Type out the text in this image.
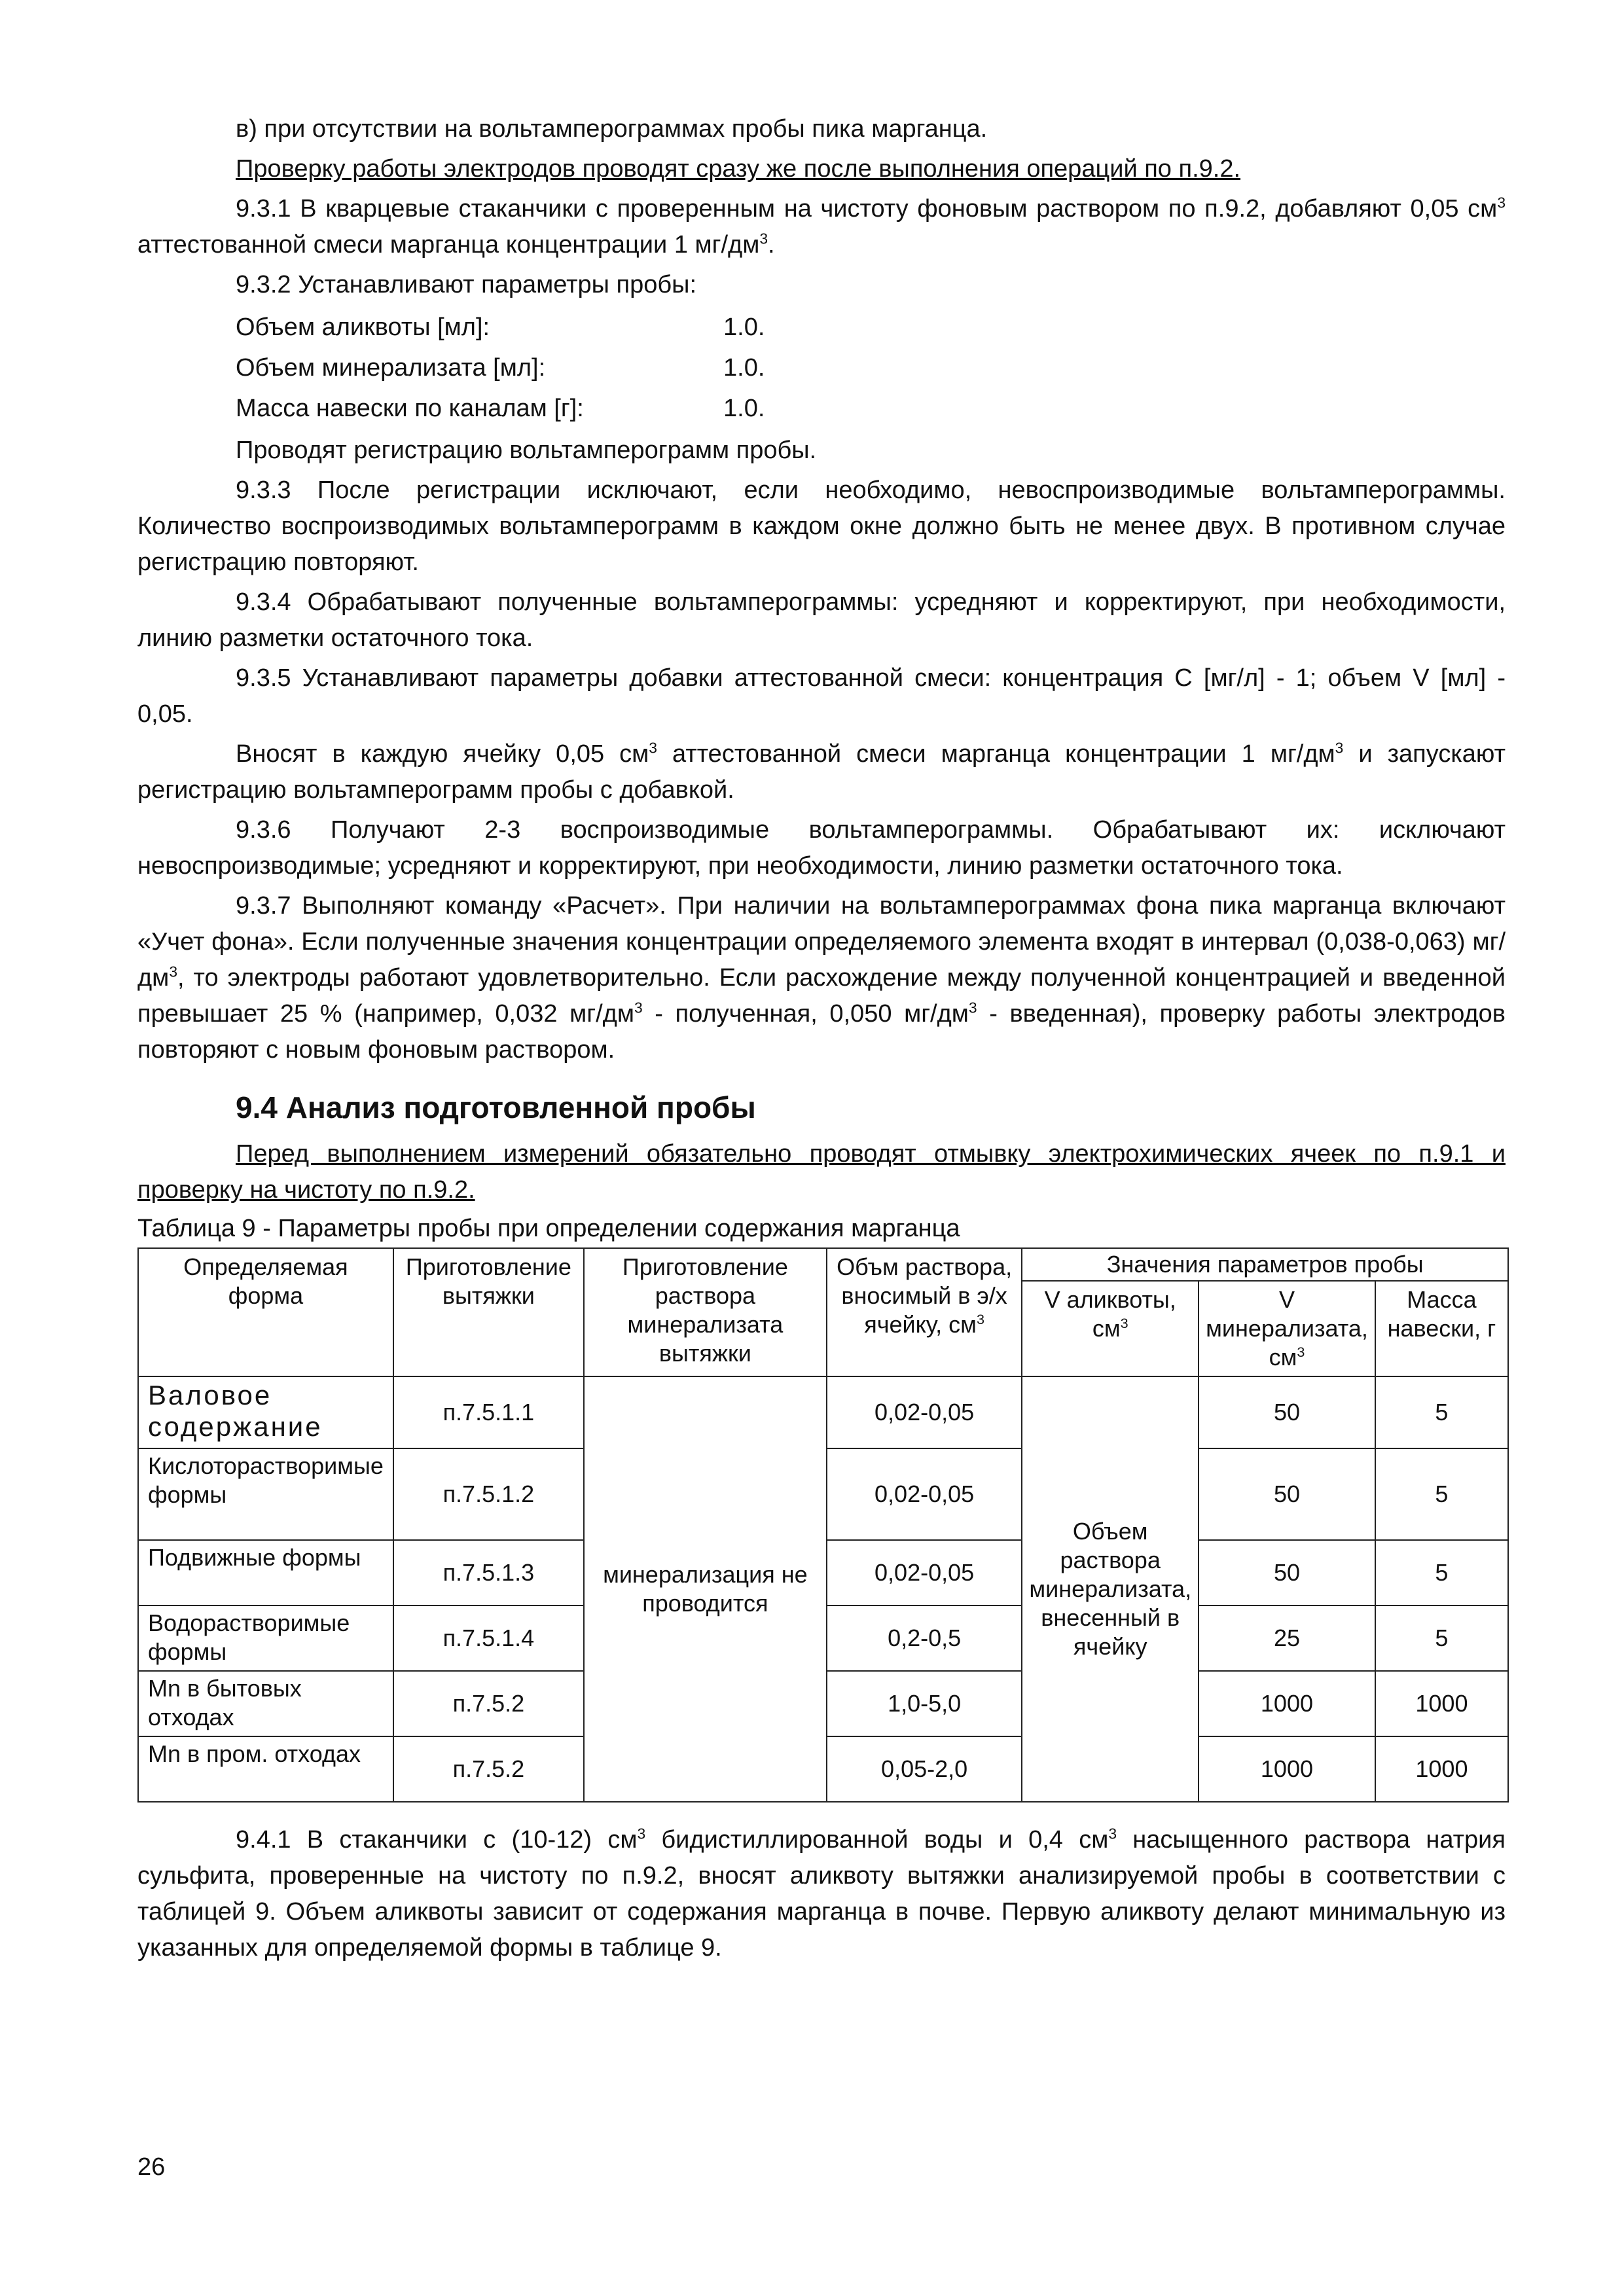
в) при отсутствии на вольтамперограммах пробы пика марганца.

Проверку работы электродов проводят сразу же после выполнения операций по п.9.2.

9.3.1 В кварцевые стаканчики с проверенным на чистоту фоновым раствором по п.9.2, добавляют 0,05 $см^3$ аттестованной смеси марганца концентрации 1 $мг/дм^3$.

9.3.2 Устанавливают параметры пробы:

Объем аликвоты [мл]:	1.0.
Объем минерализата [мл]:	1.0.
Масса навески по каналам [г]:	1.0.

Проводят регистрацию вольтамперограмм пробы.

9.3.3 После регистрации исключают, если необходимо, невоспроизводимые вольтамперограммы. Количество воспроизводимых вольтамперограмм в каждом окне должно быть не менее двух. В противном случае регистрацию повторяют.

9.3.4 Обрабатывают полученные вольтамперограммы: усредняют и корректируют, при необходимости, линию разметки остаточного тока.

9.3.5 Устанавливают параметры добавки аттестованной смеси: концентрация С [мг/л] - 1; объем V [мл] - 0,05.

Вносят в каждую ячейку 0,05 $см^3$ аттестованной смеси марганца концентрации 1 $мг/дм^3$ и запускают регистрацию вольтамперограмм пробы с добавкой.

9.3.6 Получают 2-3 воспроизводимые вольтамперограммы. Обрабатывают их: исключают невоспроизводимые; усредняют и корректируют, при необходимости, линию разметки остаточного тока.

9.3.7 Выполняют команду «Расчет». При наличии на вольтамперограммах фона пика марганца включают «Учет фона». Если полученные значения концентрации определяемого элемента входят в интервал (0,038-0,063) $мг/дм^3$, то электроды работают удовлетворительно. Если расхождение между полученной концентрацией и введенной превышает 25 % (например, 0,032 $мг/дм^3$ - полученная, 0,050 $мг/дм^3$ - введенная), проверку работы электродов повторяют с новым фоновым раствором.

9.4 Анализ подготовленной пробы

Перед выполнением измерений обязательно проводят отмывку электрохимических ячеек по п.9.1 и проверку на чистоту по п.9.2.

Таблица 9 - Параметры пробы при определении содержания марганца

Определяемая форма	Приготовление вытяжки	Приготовление раствора минерализата вытяжки	Объм раствора, вносимый в э/х ячейку, $см^3$	Значения параметров пробы		
				V аликвоты, $см^3$	V минерализата, $см^3$	Масса навески, г
Валовое содержание	п.7.5.1.1	минерализация не проводится	0,02-0,05	Объем раствора минерализата, внесенный в ячейку	50	5
Кислоторастворимые формы	п.7.5.1.2		0,02-0,05		50	5
Подвижные формы	п.7.5.1.3		0,02-0,05		50	5
Водорастворимые формы	п.7.5.1.4		0,2-0,5		25	5
Mn в бытовых отходах	п.7.5.2		1,0-5,0		1000	1000
Mn в пром. отходах	п.7.5.2		0,05-2,0		1000	1000

9.4.1 В стаканчики с (10-12) $см^3$ бидистиллированной воды и 0,4 $см^3$ насыщенного раствора натрия сульфита, проверенные на чистоту по п.9.2, вносят аликвоту вытяжки анализируемой пробы в соответствии с таблицей 9. Объем аликвоты зависит от содержания марганца в почве. Первую аликвоту делают минимальную из указанных для определяемой формы в таблице 9.

26
